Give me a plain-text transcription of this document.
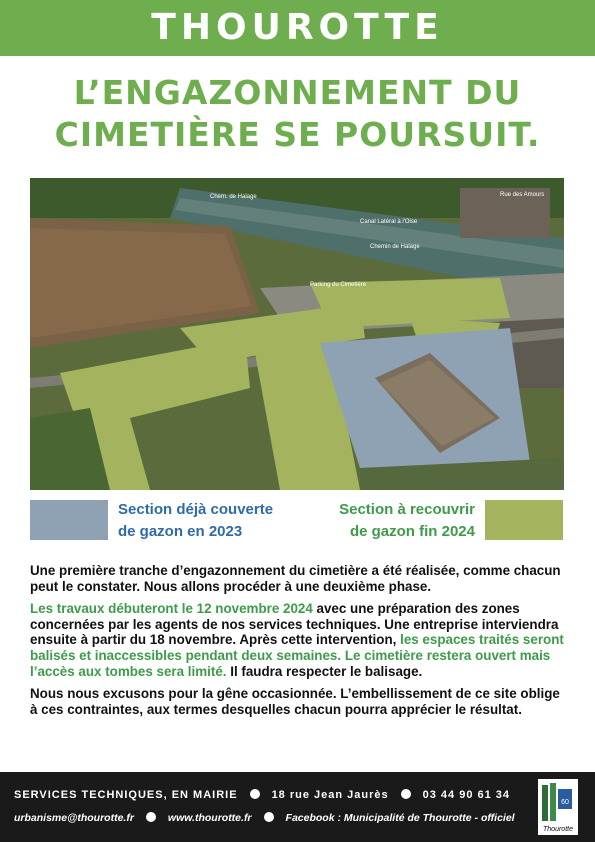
THOUROTTE
L’ENGAZONNEMENT DU
CIMETIÈRE SE POURSUIT.
Rue des Amours
Canal Latéral à l'Oise
Chem. de Halage
Chemin de Halage
Parking du Cimetière
Section déjà couverte
de gazon en 2023
Section à recouvrir
de gazon fin 2024

Une première tranche d’engazonnement du cimetière a été réalisée, comme chacun peut le constater. Nous allons procéder à une deuxième phase.

Les travaux débuteront le 12 novembre 2024 avec une préparation des zones concernées par les agents de nos services techniques. Une entreprise interviendra ensuite à partir du 18 novembre. Après cette intervention, les espaces traités seront balisés et inaccessibles pendant deux semaines. Le cimetière restera ouvert mais l’accès aux tombes sera limité. Il faudra respecter le balisage.

Nous nous excusons pour la gêne occasionnée. L’embellissement de ce site oblige à ces contraintes, aux termes desquelles chacun pourra apprécier le résultat.

SERVICES TECHNIQUES, EN MAIRIE	18 rue Jean Jaurès	03 44 90 61 34
urbanisme@thourotte.fr	www.thourotte.fr	Facebook : Municipalité de Thourotte - officiel
60
Thourotte
